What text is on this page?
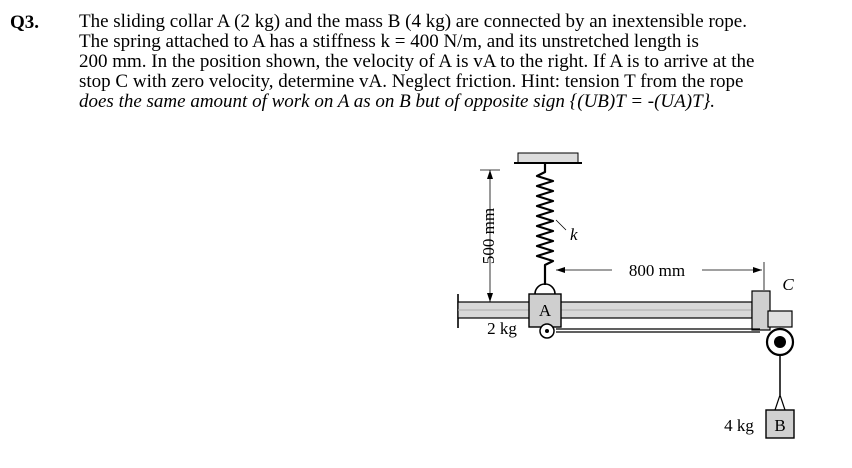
Q3. The sliding collar A (2 kg) and the mass B (4 kg) are connected by an inextensible rope.
The spring attached to A has a stiffness k = 400 N/m, and its unstretched length is
200 mm. In the position shown, the velocity of A is vA to the right. If A is to arrive at the
stop C with zero velocity, determine vA. Neglect friction. Hint: tension T from the rope
does the same amount of work on A as on B but of opposite sign {(UB)T = -(UA)T}.
500 mm
800 mm
k
A
2 kg
C
B
4 kg
